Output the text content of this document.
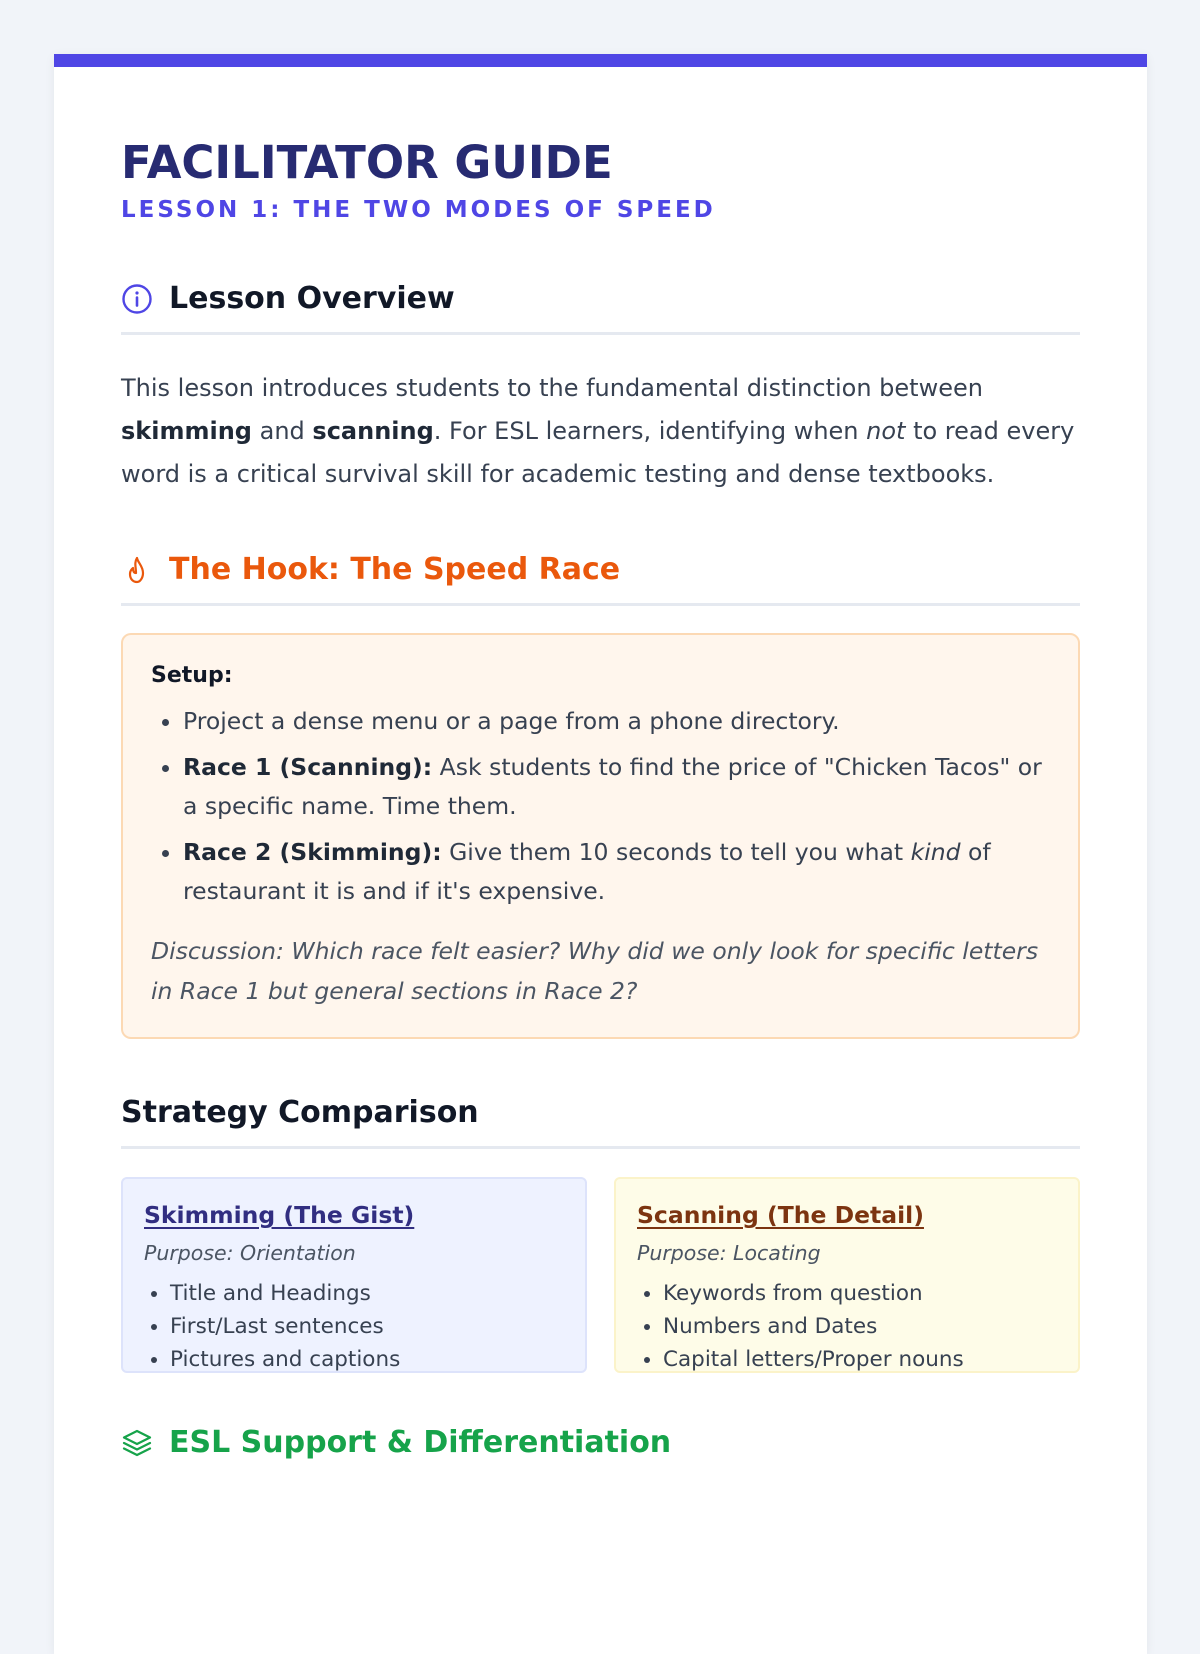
FACILITATOR GUIDE
LESSON 1: THE TWO MODES OF SPEED
Lesson Overview

This lesson introduces students to the fundamental distinction between skimming and scanning. For ESL learners, identifying when not to read every word is a critical survival skill for academic testing and dense textbooks.

The Hook: The Speed Race
Setup:
• Project a dense menu or a page from a phone directory.
• Race 1 (Scanning): Ask students to find the price of "Chicken Tacos" or a specific name. Time them.
• Race 2 (Skimming): Give them 10 seconds to tell you what kind of restaurant it is and if it's expensive.
Discussion: Which race felt easier? Why did we only look for specific letters in Race 1 but general sections in Race 2?
Strategy Comparison
Skimming (The Gist)
Purpose: Orientation
• Title and Headings
• First/Last sentences
• Pictures and captions
Scanning (The Detail)
Purpose: Locating
• Keywords from question
• Numbers and Dates
• Capital letters/Proper nouns
ESL Support & Differentiation
